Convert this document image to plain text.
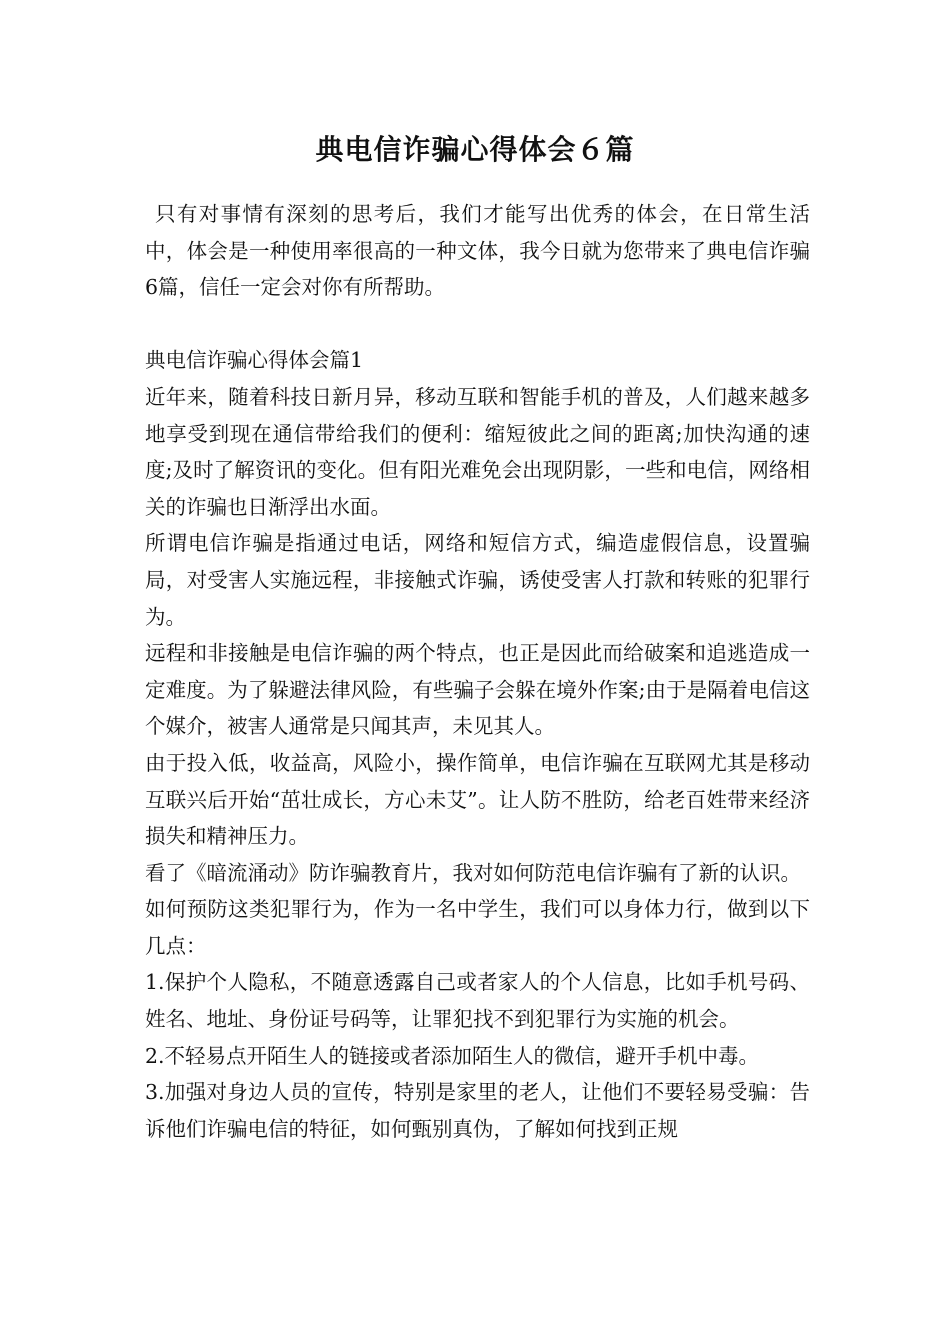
典电信诈骗心得体会６篇

只有对事情有深刻的思考后，我们才能写出优秀的体会，在日常生活中，体会是一种使用率很高的一种文体，我今日就为您带来了典电信诈骗6篇，信任一定会对你有所帮助。

典电信诈骗心得体会篇1

近年来，随着科技日新月异，移动互联和智能手机的普及，人们越来越多地享受到现在通信带给我们的便利：缩短彼此之间的距离;加快沟通的速度;及时了解资讯的变化。但有阳光难免会出现阴影，一些和电信，网络相关的诈骗也日渐浮出水面。

所谓电信诈骗是指通过电话，网络和短信方式，编造虚假信息，设置骗局，对受害人实施远程，非接触式诈骗，诱使受害人打款和转账的犯罪行为。

远程和非接触是电信诈骗的两个特点，也正是因此而给破案和追逃造成一定难度。为了躲避法律风险，有些骗子会躲在境外作案;由于是隔着电信这个媒介，被害人通常是只闻其声，未见其人。

由于投入低，收益高，风险小，操作简单，电信诈骗在互联网尤其是移动互联兴后开始“茁壮成长，方心未艾”。让人防不胜防，给老百姓带来经济损失和精神压力。

看了《暗流涌动》防诈骗教育片，我对如何防范电信诈骗有了新的认识。

如何预防这类犯罪行为，作为一名中学生，我们可以身体力行，做到以下几点：

1.保护个人隐私，不随意透露自己或者家人的个人信息，比如手机号码、姓名、地址、身份证号码等，让罪犯找不到犯罪行为实施的机会。

2.不轻易点开陌生人的链接或者添加陌生人的微信，避开手机中毒。

3.加强对身边人员的宣传，特别是家里的老人，让他们不要轻易受骗：告诉他们诈骗电信的特征，如何甄别真伪，了解如何找到正规
